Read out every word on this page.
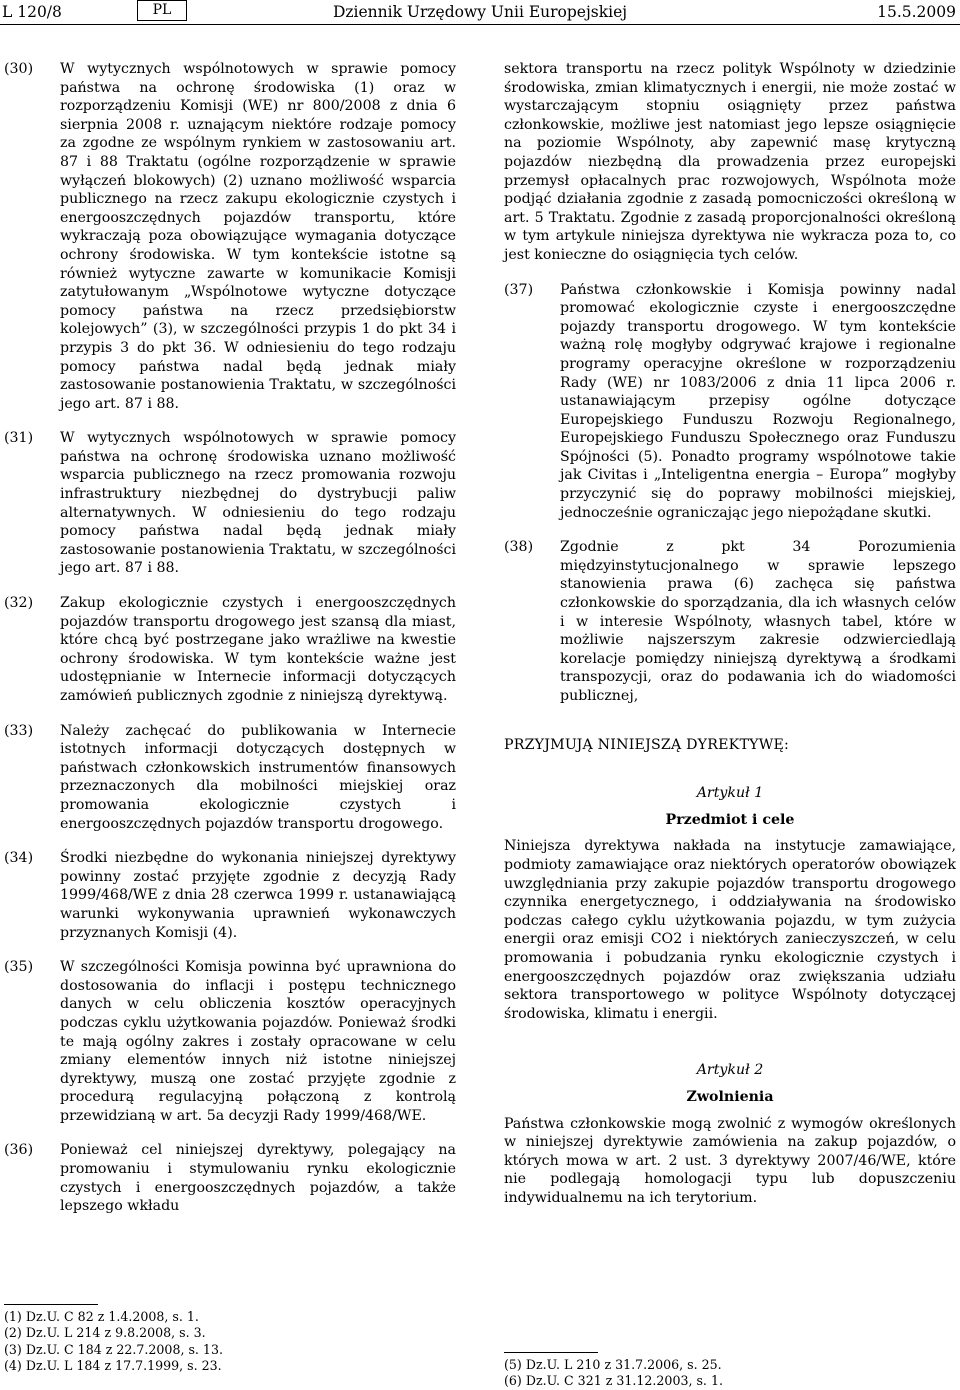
L 120/8	PL	Dziennik Urzędowy Unii Europejskiej	15.5.2009
(30) W wytycznych wspólnotowych w sprawie pomocy państwa na ochronę środowiska (1) oraz w rozporządzeniu Komisji (WE) nr 800/2008 z dnia 6 sierpnia 2008 r. uznającym niektóre rodzaje pomocy za zgodne ze wspólnym rynkiem w zastosowaniu art. 87 i 88 Traktatu (ogólne rozporządzenie w sprawie wyłączeń blokowych) (2) uznano możliwość wsparcia publicznego na rzecz zakupu ekologicznie czystych i energooszczędnych pojazdów transportu, które wykraczają poza obowiązujące wymagania dotyczące ochrony środowiska. W tym kontekście istotne są również wytyczne zawarte w komunikacie Komisji zatytułowanym „Wspólnotowe wytyczne dotyczące pomocy państwa na rzecz przedsiębiorstw kolejowych” (3), w szczególności przypis 1 do pkt 34 i przypis 3 do pkt 36. W odniesieniu do tego rodzaju pomocy państwa nadal będą jednak miały zastosowanie postanowienia Traktatu, w szczególności jego art. 87 i 88.

(31) W wytycznych wspólnotowych w sprawie pomocy państwa na ochronę środowiska uznano możliwość wsparcia publicznego na rzecz promowania rozwoju infrastruktury niezbędnej do dystrybucji paliw alternatywnych. W odniesieniu do tego rodzaju pomocy państwa nadal będą jednak miały zastosowanie postanowienia Traktatu, w szczególności jego art. 87 i 88.

(32) Zakup ekologicznie czystych i energooszczędnych pojazdów transportu drogowego jest szansą dla miast, które chcą być postrzegane jako wrażliwe na kwestie ochrony środowiska. W tym kontekście ważne jest udostępnianie w Internecie informacji dotyczących zamówień publicznych zgodnie z niniejszą dyrektywą.

(33) Należy zachęcać do publikowania w Internecie istotnych informacji dotyczących dostępnych w państwach członkowskich instrumentów finansowych przeznaczonych dla mobilności miejskiej oraz promowania ekologicznie czystych i energooszczędnych pojazdów transportu drogowego.

(34) Środki niezbędne do wykonania niniejszej dyrektywy powinny zostać przyjęte zgodnie z decyzją Rady 1999/468/WE z dnia 28 czerwca 1999 r. ustanawiającą warunki wykonywania uprawnień wykonawczych przyznanych Komisji (4).

(35) W szczególności Komisja powinna być uprawniona do dostosowania do inflacji i postępu technicznego danych w celu obliczenia kosztów operacyjnych podczas cyklu użytkowania pojazdów. Ponieważ środki te mają ogólny zakres i zostały opracowane w celu zmiany elementów innych niż istotne niniejszej dyrektywy, muszą one zostać przyjęte zgodnie z procedurą regulacyjną połączoną z kontrolą przewidzianą w art. 5a decyzji Rady 1999/468/WE.

(36) Ponieważ cel niniejszej dyrektywy, polegający na promowaniu i stymulowaniu rynku ekologicznie czystych i energooszczędnych pojazdów, a także lepszego wkładu

(1) Dz.U. C 82 z 1.4.2008, s. 1.
(2) Dz.U. L 214 z 9.8.2008, s. 3.
(3) Dz.U. C 184 z 22.7.2008, s. 13.
(4) Dz.U. L 184 z 17.7.1999, s. 23.

sektora transportu na rzecz polityk Wspólnoty w dziedzinie środowiska, zmian klimatycznych i energii, nie może zostać w wystarczającym stopniu osiągnięty przez państwa członkowskie, możliwe jest natomiast jego lepsze osiągnięcie na poziomie Wspólnoty, aby zapewnić masę krytyczną pojazdów niezbędną dla prowadzenia przez europejski przemysł opłacalnych prac rozwojowych, Wspólnota może podjąć działania zgodnie z zasadą pomocniczości określoną w art. 5 Traktatu. Zgodnie z zasadą proporcjonalności określoną w tym artykule niniejsza dyrektywa nie wykracza poza to, co jest konieczne do osiągnięcia tych celów.

(37) Państwa członkowskie i Komisja powinny nadal promować ekologicznie czyste i energooszczędne pojazdy transportu drogowego. W tym kontekście ważną rolę mogłyby odgrywać krajowe i regionalne programy operacyjne określone w rozporządzeniu Rady (WE) nr 1083/2006 z dnia 11 lipca 2006 r. ustanawiającym przepisy ogólne dotyczące Europejskiego Funduszu Rozwoju Regionalnego, Europejskiego Funduszu Społecznego oraz Funduszu Spójności (5). Ponadto programy wspólnotowe takie jak Civitas i „Inteligentna energia – Europa” mogłyby przyczynić się do poprawy mobilności miejskiej, jednocześnie ograniczając jego niepożądane skutki.

(38) Zgodnie z pkt 34 Porozumienia międzyinstytucjonalnego w sprawie lepszego stanowienia prawa (6) zachęca się państwa członkowskie do sporządzania, dla ich własnych celów i w interesie Wspólnoty, własnych tabel, które w możliwie najszerszym zakresie odzwierciedlają korelacje pomiędzy niniejszą dyrektywą a środkami transpozycji, oraz do podawania ich do wiadomości publicznej,

PRZYJMUJĄ NINIEJSZĄ DYREKTYWĘ:
Artykuł 1
Przedmiot i cele

Niniejsza dyrektywa nakłada na instytucje zamawiające, podmioty zamawiające oraz niektórych operatorów obowiązek uwzględniania przy zakupie pojazdów transportu drogowego czynnika energetycznego, i oddziaływania na środowisko podczas całego cyklu użytkowania pojazdu, w tym zużycia energii oraz emisji CO2 i niektórych zanieczyszczeń, w celu promowania i pobudzania rynku ekologicznie czystych i energooszczędnych pojazdów oraz zwiększania udziału sektora transportowego w polityce Wspólnoty dotyczącej środowiska, klimatu i energii.

Artykuł 2
Zwolnienia

Państwa członkowskie mogą zwolnić z wymogów określonych w niniejszej dyrektywie zamówienia na zakup pojazdów, o których mowa w art. 2 ust. 3 dyrektywy 2007/46/WE, które nie podlegają homologacji typu lub dopuszczeniu indywidualnemu na ich terytorium.

(5) Dz.U. L 210 z 31.7.2006, s. 25.
(6) Dz.U. C 321 z 31.12.2003, s. 1.
